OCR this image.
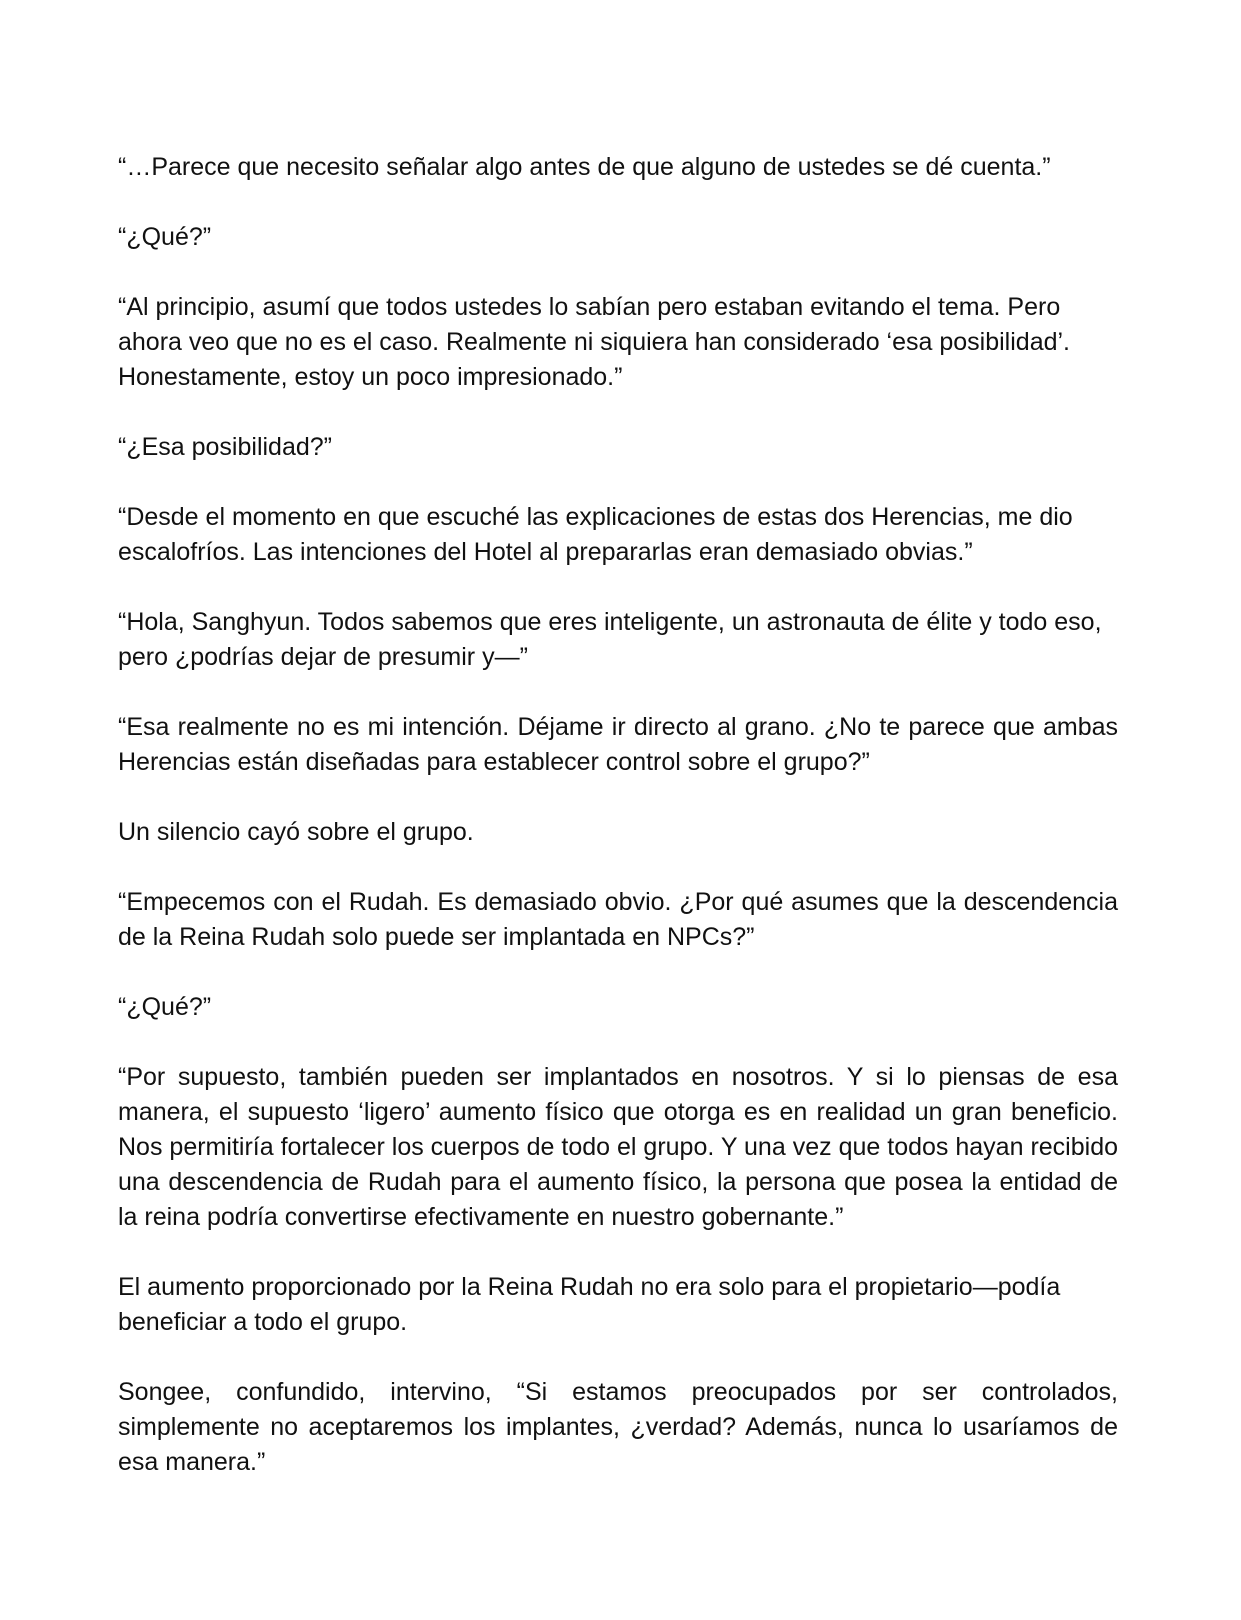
“…Parece que necesito señalar algo antes de que alguno de ustedes se dé cuenta.”

“¿Qué?”

“Al principio, asumí que todos ustedes lo sabían pero estaban evitando el tema. Pero ahora veo que no es el caso. Realmente ni siquiera han considerado ‘esa posibilidad’. Honestamente, estoy un poco impresionado.”

“¿Esa posibilidad?”

“Desde el momento en que escuché las explicaciones de estas dos Herencias, me dio escalofríos. Las intenciones del Hotel al prepararlas eran demasiado obvias.”

“Hola, Sanghyun. Todos sabemos que eres inteligente, un astronauta de élite y todo eso, pero ¿podrías dejar de presumir y—”

“Esa realmente no es mi intención. Déjame ir directo al grano. ¿No te parece que ambas Herencias están diseñadas para establecer control sobre el grupo?”

Un silencio cayó sobre el grupo.

“Empecemos con el Rudah. Es demasiado obvio. ¿Por qué asumes que la descendencia de la Reina Rudah solo puede ser implantada en NPCs?”

“¿Qué?”

“Por supuesto, también pueden ser implantados en nosotros. Y si lo piensas de esa manera, el supuesto ‘ligero’ aumento físico que otorga es en realidad un gran beneficio. Nos permitiría fortalecer los cuerpos de todo el grupo. Y una vez que todos hayan recibido una descendencia de Rudah para el aumento físico, la persona que posea la entidad de la reina podría convertirse efectivamente en nuestro gobernante.”

El aumento proporcionado por la Reina Rudah no era solo para el propietario—podía beneficiar a todo el grupo.

Songee, confundido, intervino, “Si estamos preocupados por ser controlados, simplemente no aceptaremos los implantes, ¿verdad? Además, nunca lo usaríamos de esa manera.”
